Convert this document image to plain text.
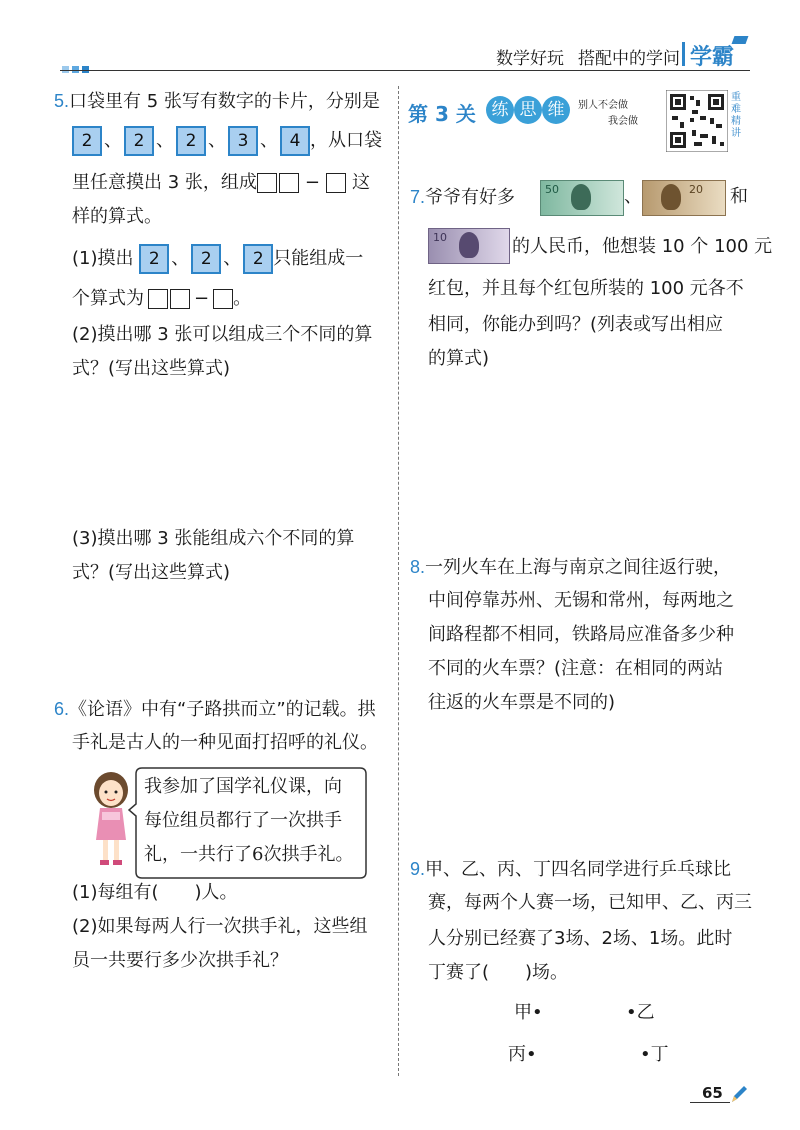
数学好玩 搭配中的学问 学霸
5.口袋里有 5 张写有数字的卡片，分别是
2 、 2 、 2 、 3 、 4 ，从口袋
里任意摸出 3 张，组成	− 这
样的算式。
(1)摸出 2 、 2 、 2 只能组成一
个算式为	− 。
(2)摸出哪 3 张可以组成三个不同的算
式？(写出这些算式)
(3)摸出哪 3 张能组成六个不同的算
式？(写出这些算式)
6.《论语》中有“子路拱而立”的记载。拱
手礼是古人的一种见面打招呼的礼仪。
我参加了国学礼仪课，向
每位组员都行了一次拱手
礼，一共行了6次拱手礼。
(1)每组有(　　)人。
(2)如果每两人行一次拱手礼，这些组
员一共要行多少次拱手礼？
第 3 关 练 思 维	别人不会做
我会做
重难精讲
7.爷爷有好多	50	、	20 和
10	的人民币，他想装 10 个 100 元
红包，并且每个红包所装的 100 元各不
相同，你能办到吗？(列表或写出相应
的算式)
8.一列火车在上海与南京之间往返行驶，
中间停靠苏州、无锡和常州，每两地之
间路程都不相同，铁路局应准备多少种
不同的火车票？(注意：在相同的两站
往返的火车票是不同的)
9.甲、乙、丙、丁四名同学进行乒乓球比
赛，每两个人赛一场，已知甲、乙、丙三
人分别已经赛了3场、2场、1场。此时
丁赛了(　　)场。
甲•	•乙
丙•	•丁
65
